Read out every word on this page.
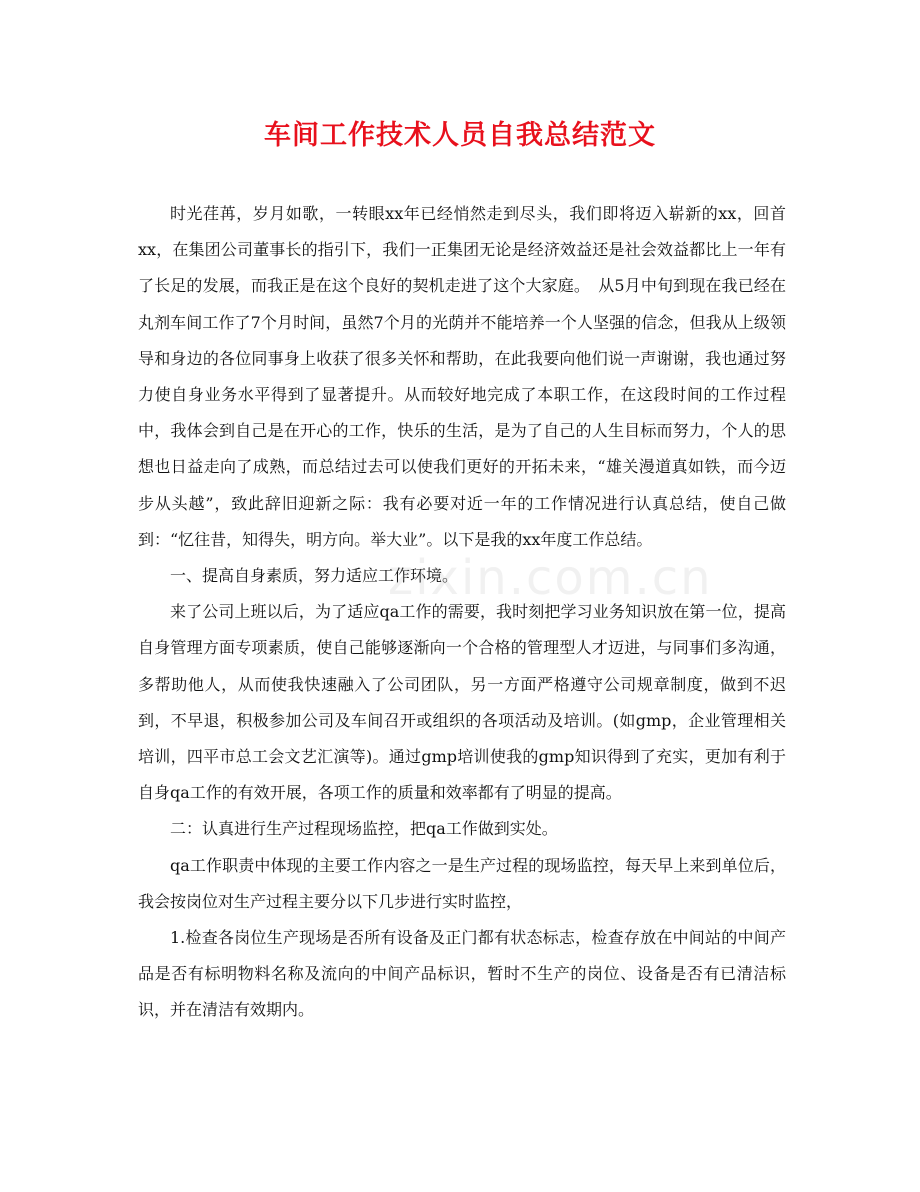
车间工作技术人员自我总结范文

时光荏苒，岁月如歌，一转眼xx年已经悄然走到尽头，我们即将迈入崭新的xx，回首xx，在集团公司董事长的指引下，我们一正集团无论是经济效益还是社会效益都比上一年有了长足的发展，而我正是在这个良好的契机走进了这个大家庭。　从5月中旬到现在我已经在丸剂车间工作了7个月时间，虽然7个月的光荫并不能培养一个人坚强的信念，但我从上级领导和身边的各位同事身上收获了很多关怀和帮助，在此我要向他们说一声谢谢，我也通过努力使自身业务水平得到了显著提升。从而较好地完成了本职工作，在这段时间的工作过程中，我体会到自己是在开心的工作，快乐的生活，是为了自己的人生目标而努力，个人的思想也日益走向了成熟，而总结过去可以使我们更好的开拓未来，“雄关漫道真如铁，而今迈步从头越”，致此辞旧迎新之际：我有必要对近一年的工作情况进行认真总结，使自己做到：“忆往昔，知得失，明方向。举大业”。以下是我的xx年度工作总结。

一、提高自身素质，努力适应工作环境。

来了公司上班以后，为了适应qa工作的需要，我时刻把学习业务知识放在第一位，提高自身管理方面专项素质，使自己能够逐渐向一个合格的管理型人才迈进，与同事们多沟通，多帮助他人，从而使我快速融入了公司团队，另一方面严格遵守公司规章制度，做到不迟到，不早退，积极参加公司及车间召开或组织的各项活动及培训。(如gmp，企业管理相关培训，四平市总工会文艺汇演等)。通过gmp培训使我的gmp知识得到了充实，更加有利于自身qa工作的有效开展，各项工作的质量和效率都有了明显的提高。

二：认真进行生产过程现场监控，把qa工作做到实处。

qa工作职责中体现的主要工作内容之一是生产过程的现场监控，每天早上来到单位后，我会按岗位对生产过程主要分以下几步进行实时监控，

1.检查各岗位生产现场是否所有设备及正门都有状态标志，检查存放在中间站的中间产品是否有标明物料名称及流向的中间产品标识，暂时不生产的岗位、设备是否有已清洁标识，并在清洁有效期内。

zixin.com.cn
